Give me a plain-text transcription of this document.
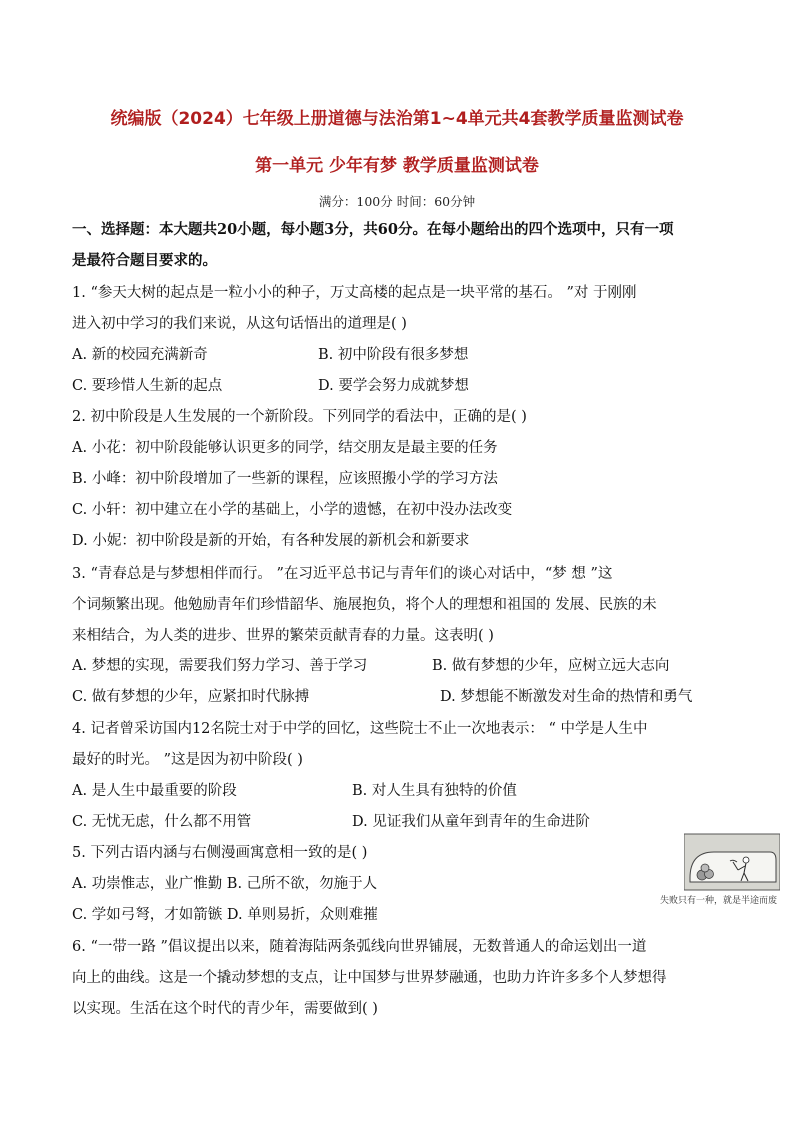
统编版（2024）七年级上册道德与法治第1~4单元共4套教学质量监测试卷
第一单元 少年有梦 教学质量监测试卷
满分：100分 时间：60分钟
一、选择题：本大题共20小题，每小题3分，共60分。在每小题给出的四个选项中，只有一项
是最符合题目要求的。
1. “参天大树的起点是一粒小小的种子，万丈高楼的起点是一块平常的基石。 ”对 于刚刚
进入初中学习的我们来说，从这句话悟出的道理是( )
A. 新的校园充满新奇	B. 初中阶段有很多梦想
C. 要珍惜人生新的起点	D. 要学会努力成就梦想
2. 初中阶段是人生发展的一个新阶段。下列同学的看法中，正确的是( )
A. 小花：初中阶段能够认识更多的同学，结交朋友是最主要的任务
B. 小峰：初中阶段增加了一些新的课程，应该照搬小学的学习方法
C. 小轩：初中建立在小学的基础上，小学的遗憾，在初中没办法改变
D. 小妮：初中阶段是新的开始，有各种发展的新机会和新要求
3. “青春总是与梦想相伴而行。 ”在习近平总书记与青年们的谈心对话中，“梦 想 ”这
个词频繁出现。他勉励青年们珍惜韶华、施展抱负，将个人的理想和祖国的 发展、民族的未
来相结合，为人类的进步、世界的繁荣贡献青春的力量。这表明( )
A. 梦想的实现，需要我们努力学习、善于学习	B. 做有梦想的少年，应树立远大志向
C. 做有梦想的少年，应紧扣时代脉搏	D. 梦想能不断激发对生命的热情和勇气
4. 记者曾采访国内12名院士对于中学的回忆，这些院士不止一次地表示： “ 中学是人生中
最好的时光。 ”这是因为初中阶段( )
A. 是人生中最重要的阶段	B. 对人生具有独特的价值
C. 无忧无虑，什么都不用管	D. 见证我们从童年到青年的生命进阶
5. 下列古语内涵与右侧漫画寓意相一致的是( )
A. 功崇惟志，业广惟勤 B. 己所不欲，勿施于人
C. 学如弓弩，才如箭镞 D. 单则易折，众则难摧
失败只有一种，就是半途而废
6. “一带一路 ”倡议提出以来，随着海陆两条弧线向世界铺展，无数普通人的命运划出一道
向上的曲线。这是一个撬动梦想的支点，让中国梦与世界梦融通，也助力许许多多个人梦想得
以实现。生活在这个时代的青少年，需要做到( )
